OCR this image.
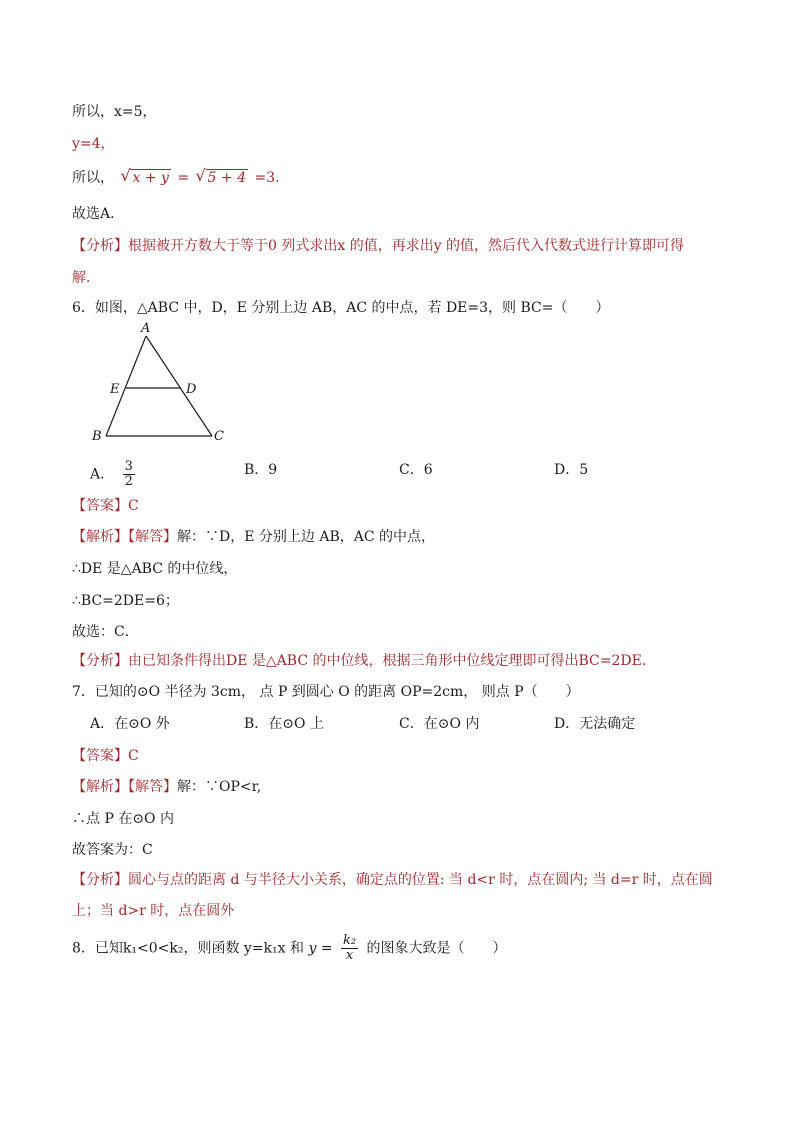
所以，x=5，
y=4，
所以， √ x + y = √ 5 + 4 =3．
故选A．
【分析】根据被开方数大于等于0 列式求出x 的值，再求出y 的值，然后代入代数式进行计算即可得
解．
6．如图，△ABC 中，D，E 分别上边 AB，AC 的中点，若 DE=3，则 BC=（　　）
A
E	D
B	C
A． $\frac{3}{2}$	B．9	C．6	D．5
【答案】C
【解析】【解答】解：∵D，E 分别上边 AB，AC 的中点，
∴DE 是△ABC 的中位线，
∴BC=2DE=6；
故选：C．
【分析】由已知条件得出DE 是△ABC 的中位线，根据三角形中位线定理即可得出BC=2DE．
7．已知的⊙O 半径为 3cm， 点 P 到圆心 O 的距离 OP=2cm， 则点 P（　　）
A．在⊙O 外	B．在⊙O 上	C．在⊙O 内	D．无法确定
【答案】C
【解析】【解答】解：∵OP<r,
∴点 P 在⊙O 内
故答案为：C
【分析】圆心与点的距离 d 与半径大小关系，确定点的位置: 当 d<r 时，点在圆内; 当 d=r 时，点在圆
上；当 d>r 时，点在圆外
8．已知k₁<0<k₂，则函数 y=k₁x 和 $y = \frac{\text{k₂}}{x}$ 的图象大致是（　　）
